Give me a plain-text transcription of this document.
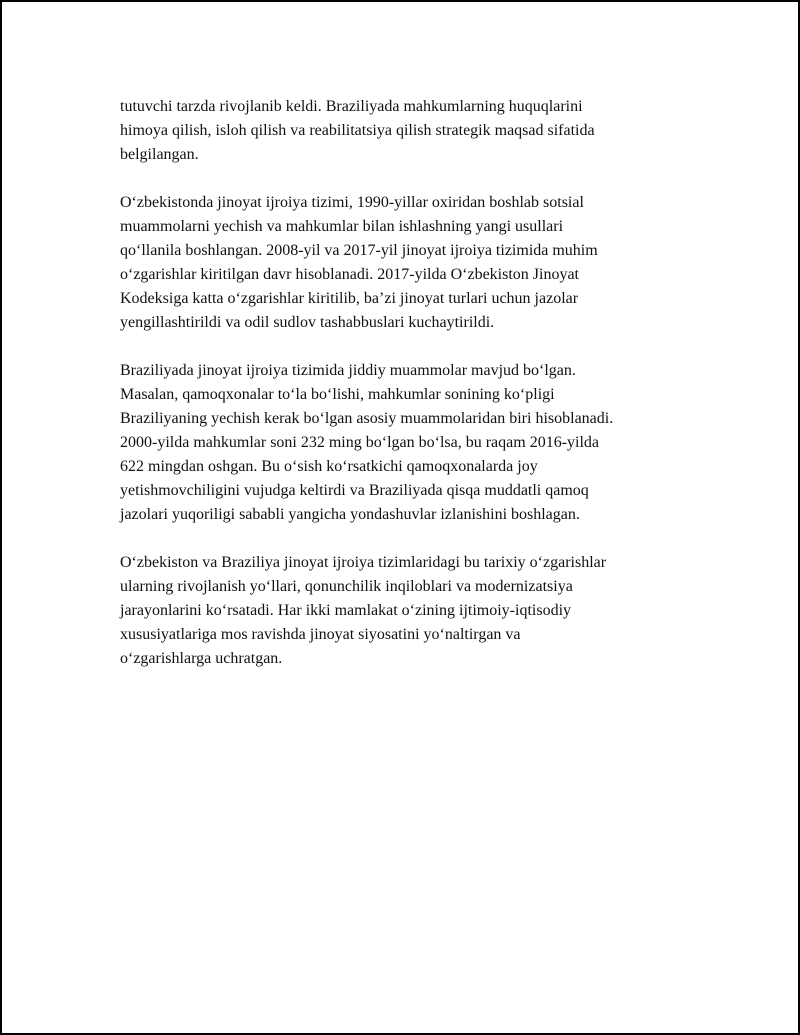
tutuvchi tarzda rivojlanib keldi. Braziliyada mahkumlarning huquqlarini
himoya qilish, isloh qilish va reabilitatsiya qilish strategik maqsad sifatida
belgilangan.

O‘zbekistonda jinoyat ijroiya tizimi, 1990-yillar oxiridan boshlab sotsial
muammolarni yechish va mahkumlar bilan ishlashning yangi usullari
qo‘llanila boshlangan. 2008-yil va 2017-yil jinoyat ijroiya tizimida muhim
o‘zgarishlar kiritilgan davr hisoblanadi. 2017-yilda O‘zbekiston Jinoyat
Kodeksiga katta o‘zgarishlar kiritilib, ba’zi jinoyat turlari uchun jazolar
yengillashtirildi va odil sudlov tashabbuslari kuchaytirildi.

Braziliyada jinoyat ijroiya tizimida jiddiy muammolar mavjud bo‘lgan.
Masalan, qamoqxonalar to‘la bo‘lishi, mahkumlar sonining ko‘pligi
Braziliyaning yechish kerak bo‘lgan asosiy muammolaridan biri hisoblanadi.
2000-yilda mahkumlar soni 232 ming bo‘lgan bo‘lsa, bu raqam 2016-yilda
622 mingdan oshgan. Bu o‘sish ko‘rsatkichi qamoqxonalarda joy
yetishmovchiligini vujudga keltirdi va Braziliyada qisqa muddatli qamoq
jazolari yuqoriligi sababli yangicha yondashuvlar izlanishini boshlagan.

O‘zbekiston va Braziliya jinoyat ijroiya tizimlaridagi bu tarixiy o‘zgarishlar
ularning rivojlanish yo‘llari, qonunchilik inqiloblari va modernizatsiya
jarayonlarini ko‘rsatadi. Har ikki mamlakat o‘zining ijtimoiy-iqtisodiy
xususiyatlariga mos ravishda jinoyat siyosatini yo‘naltirgan va
o‘zgarishlarga uchratgan.
